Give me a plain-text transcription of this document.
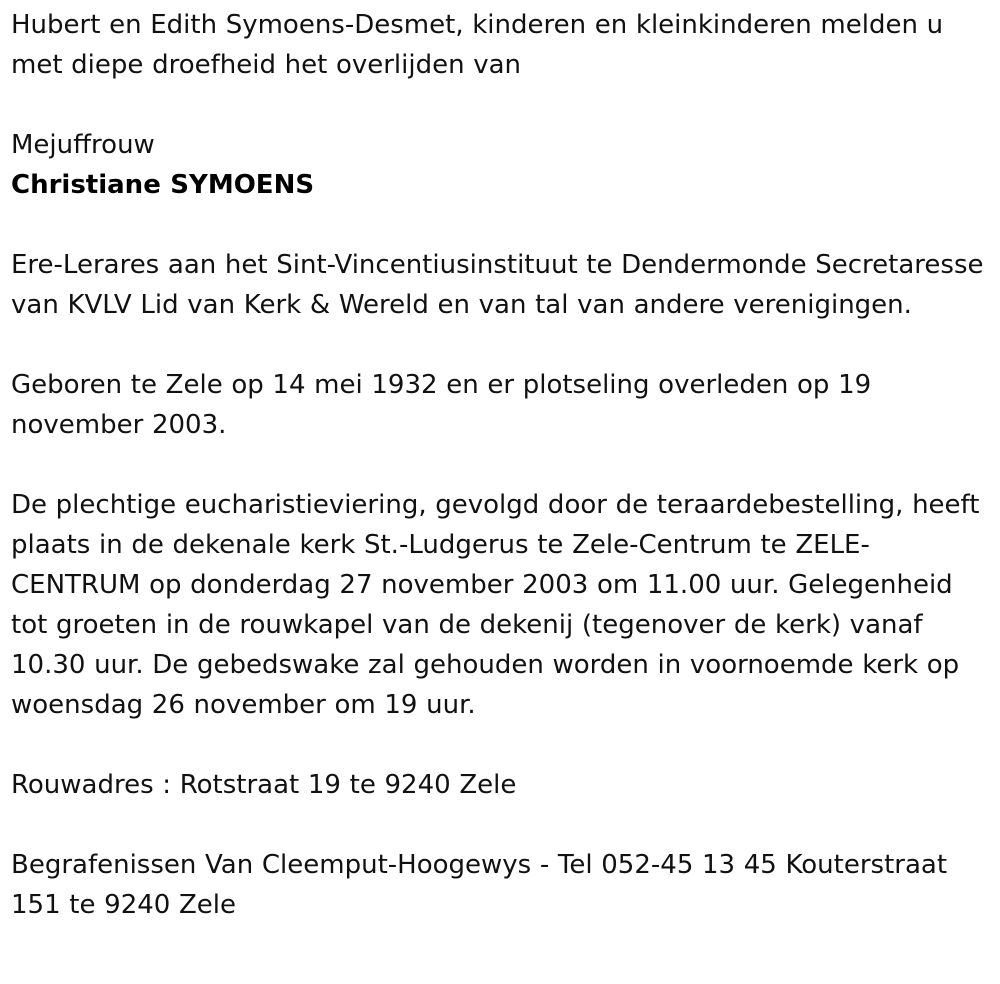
Hubert en Edith Symoens-Desmet, kinderen en kleinkinderen melden u met diepe droefheid het overlijden van

Mejuffrouw

Christiane SYMOENS

Ere-Lerares aan het Sint-Vincentiusinstituut te Dendermonde Secretaresse van KVLV Lid van Kerk & Wereld en van tal van andere verenigingen.

Geboren te Zele op 14 mei 1932 en er plotseling overleden op 19 november 2003.

De plechtige eucharistieviering, gevolgd door de teraardebestelling, heeft plaats in de dekenale kerk St.-Ludgerus te Zele-Centrum te ZELE-CENTRUM op donderdag 27 november 2003 om 11.00 uur. Gelegenheid tot groeten in de rouwkapel van de dekenij (tegenover de kerk) vanaf 10.30 uur. De gebedswake zal gehouden worden in voornoemde kerk op woensdag 26 november om 19 uur.

Rouwadres : Rotstraat 19 te 9240 Zele

Begrafenissen Van Cleemput-Hoogewys - Tel 052-45 13 45 Kouterstraat 151 te 9240 Zele
